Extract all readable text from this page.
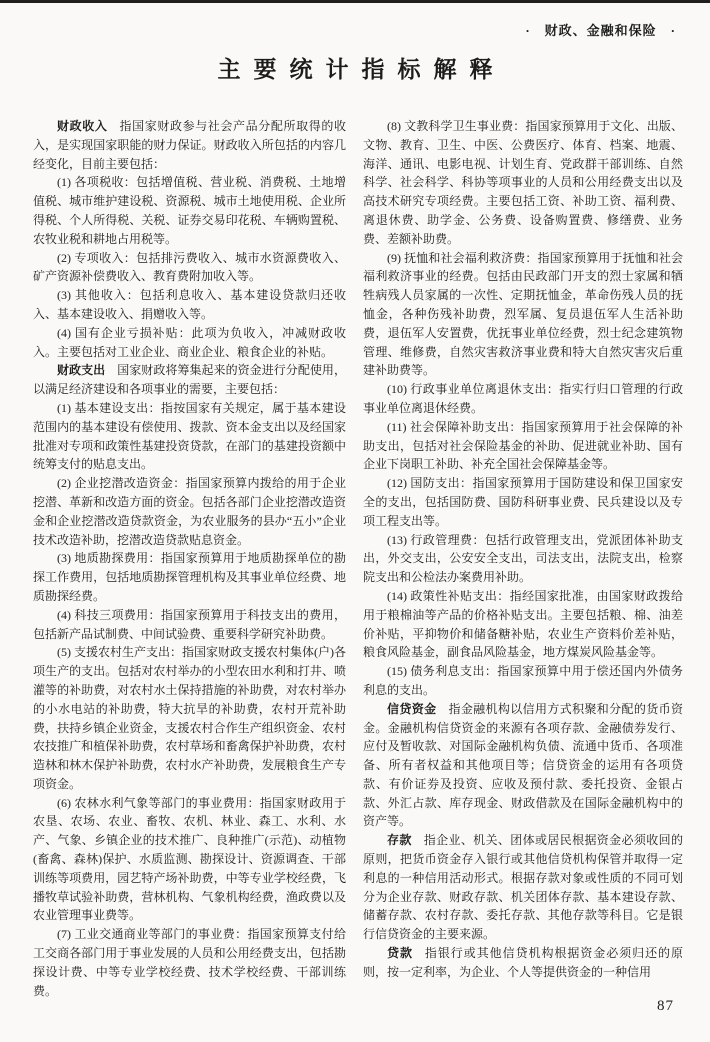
·　财政、金融和保险　·
主要统计指标解释

财政收入 指国家财政参与社会产品分配所取得的收入，是实现国家职能的财力保证。财政收入所包括的内容几经变化，目前主要包括：

(1) 各项税收：包括增值税、营业税、消费税、土地增值税、城市维护建设税、资源税、城市土地使用税、企业所得税、个人所得税、关税、证券交易印花税、车辆购置税、农牧业税和耕地占用税等。

(2) 专项收入：包括排污费收入、城市水资源费收入、矿产资源补偿费收入、教育费附加收入等。

(3) 其他收入：包括利息收入、基本建设贷款归还收入、基本建设收入、捐赠收入等。

(4) 国有企业亏损补贴：此项为负收入，冲减财政收入。主要包括对工业企业、商业企业、粮食企业的补贴。

财政支出 国家财政将筹集起来的资金进行分配使用，以满足经济建设和各项事业的需要，主要包括：

(1) 基本建设支出：指按国家有关规定，属于基本建设范围内的基本建设有偿使用、拨款、资本金支出以及经国家批准对专项和政策性基建投资贷款，在部门的基建投资额中统筹支付的贴息支出。

(2) 企业挖潜改造资金：指国家预算内拨给的用于企业挖潜、革新和改造方面的资金。包括各部门企业挖潜改造资金和企业挖潜改造贷款资金，为农业服务的县办“五小”企业技术改造补助，挖潜改造贷款贴息资金。

(3) 地质勘探费用：指国家预算用于地质勘探单位的勘探工作费用，包括地质勘探管理机构及其事业单位经费、地质勘探经费。

(4) 科技三项费用：指国家预算用于科技支出的费用，包括新产品试制费、中间试验费、重要科学研究补助费。

(5) 支援农村生产支出：指国家财政支援农村集体(户)各项生产的支出。包括对农村举办的小型农田水利和打井、喷灌等的补助费，对农村水土保持措施的补助费，对农村举办的小水电站的补助费，特大抗旱的补助费，农村开荒补助费，扶持乡镇企业资金，支援农村合作生产组织资金、农村农技推广和植保补助费，农村草场和畜禽保护补助费，农村造林和林木保护补助费，农村水产补助费，发展粮食生产专项资金。

(6) 农林水利气象等部门的事业费用：指国家财政用于农垦、农场、农业、畜牧、农机、林业、森工、水利、水产、气象、乡镇企业的技术推广、良种推广(示范)、动植物(畜禽、森林)保护、水质监测、勘探设计、资源调查、干部训练等项费用，园艺特产场补助费，中等专业学校经费，飞播牧草试验补助费，营林机构、气象机构经费，渔政费以及农业管理事业费等。

(7) 工业交通商业等部门的事业费：指国家预算支付给工交商各部门用于事业发展的人员和公用经费支出，包括勘探设计费、中等专业学校经费、技术学校经费、干部训练费。

(8) 文教科学卫生事业费：指国家预算用于文化、出版、文物、教育、卫生、中医、公费医疗、体育、档案、地震、海洋、通讯、电影电视、计划生育、党政群干部训练、自然科学、社会科学、科协等项事业的人员和公用经费支出以及高技术研究专项经费。主要包括工资、补助工资、福利费、离退休费、助学金、公务费、设备购置费、修缮费、业务费、差额补助费。

(9) 抚恤和社会福利救济费：指国家预算用于抚恤和社会福利救济事业的经费。包括由民政部门开支的烈士家属和牺牲病残人员家属的一次性、定期抚恤金，革命伤残人员的抚恤金，各种伤残补助费，烈军属、复员退伍军人生活补助费，退伍军人安置费，优抚事业单位经费，烈士纪念建筑物管理、维修费，自然灾害救济事业费和特大自然灾害灾后重建补助费等。

(10) 行政事业单位离退休支出：指实行归口管理的行政事业单位离退休经费。

(11) 社会保障补助支出：指国家预算用于社会保障的补助支出，包括对社会保险基金的补助、促进就业补助、国有企业下岗职工补助、补充全国社会保障基金等。

(12) 国防支出：指国家预算用于国防建设和保卫国家安全的支出，包括国防费、国防科研事业费、民兵建设以及专项工程支出等。

(13) 行政管理费：包括行政管理支出，党派团体补助支出，外交支出，公安安全支出，司法支出，法院支出，检察院支出和公检法办案费用补助。

(14) 政策性补贴支出：指经国家批准，由国家财政拨给用于粮棉油等产品的价格补贴支出。主要包括粮、棉、油差价补贴，平抑物价和储备糖补贴，农业生产资料价差补贴，粮食风险基金，副食品风险基金，地方煤炭风险基金等。

(15) 债务利息支出：指国家预算中用于偿还国内外债务利息的支出。

信贷资金 指金融机构以信用方式积聚和分配的货币资金。金融机构信贷资金的来源有各项存款、金融债券发行、应付及暂收款、对国际金融机构负债、流通中货币、各项准备、所有者权益和其他项目等；信贷资金的运用有各项贷款、有价证券及投资、应收及预付款、委托投资、金银占款、外汇占款、库存现金、财政借款及在国际金融机构中的资产等。

存款 指企业、机关、团体或居民根据资金必须收回的原则，把货币资金存入银行或其他信贷机构保管并取得一定利息的一种信用活动形式。根据存款对象或性质的不同可划分为企业存款、财政存款、机关团体存款、基本建设存款、储蓄存款、农村存款、委托存款、其他存款等科目。它是银行信贷资金的主要来源。

贷款 指银行或其他信贷机构根据资金必须归还的原则，按一定利率，为企业、个人等提供资金的一种信用

87
